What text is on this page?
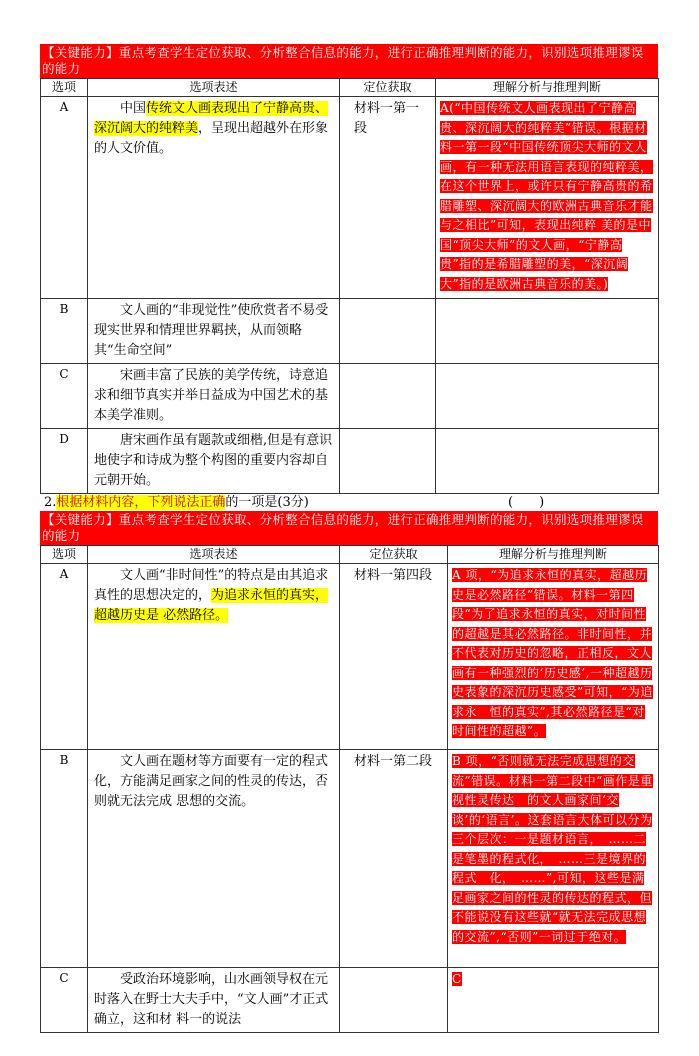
【关键能力】重点考查学生定位获取、分析整合信息的能力，进行正确推理判断的能力，识别选项推理谬误的能力
选项	选项表述	定位获取	理解分析与推理判断
A	中国传统文人画表现出了宁静高贵、深沉阔大的纯粹美，呈现出超越外在形象的人文价值。	材料一第一段	A(“中国传统文人画表现出了宁静高贵、深沉阔大的纯粹美”错误。根据材料一第一段“中国传统顶尖大师的文人画，有一种无法用语言表现的纯粹美，在这个世界上，或许只有宁静高贵的希腊雕塑、深沉阔大的欧洲古典音乐才能与之相比”可知，表现出纯粹 美的是中国“顶尖大师”的文人画，“宁静高贵”指的是希腊雕塑的美，“深沉阔大”指的是欧洲古典音乐的美。)
B	文人画的“非现觉性”使欣赏者不易受现实世界和情理世界羁挟，从而领略其“生命空间”		
C	宋画丰富了民族的美学传统，诗意追求和细节真实并举日益成为中国艺术的基本美学准则。		
D	唐宋画作虽有题款或细楷,但是有意识地使字和诗成为整个构图的重要内容却自元朝开始。		
2.根据材料内容，下列说法正确的一项是(3分)	(　　)
【关键能力】重点考查学生定位获取、分析整合信息的能力，进行正确推理判断的能力，识别选项推理谬误的能力
选项	选项表述	定位获取	理解分析与推理判断
A	文人画“非时间性”的特点是由其追求真性的思想决定的，为追求永恒的真实，超越历史是 必然路径。	材料一第四段	A 项，“为追求永恒的真实，超越历史是必然路径”错误。材料一第四段“为了追求永恒的真实，对时间性的超越是其必然路径。非时间性，并不代表对历史的忽略，正相反，文人画有一种强烈的‘历史感’,一种超越历史表象的深沉历史感受”可知，“为追求永　恒的真实”,其必然路径是“对时间性的超越”。
B	文人画在题材等方面要有一定的程式化，方能满足画家之间的性灵的传达，否则就无法完成 思想的交流。	材料一第二段	B 项，“否则就无法完成思想的交流”错误。材料一第二段中“画作是重视性灵传达　的文人画家间‘交谈’的‘语言’。这套语言大体可以分为三个层次：一是题材语言，　……二是笔墨的程式化，　……三是境界的程式　化，　……”,可知，这些是满足画家之间的性灵的传达的程式，但不能说没有这些就“就无法完成思想的交流”,“否则”一词过于绝对。
C	受政治环境影响，山水画领导权在元时落入在野士大夫手中，“文人画”才正式确立，这和材 料一的说法		C
